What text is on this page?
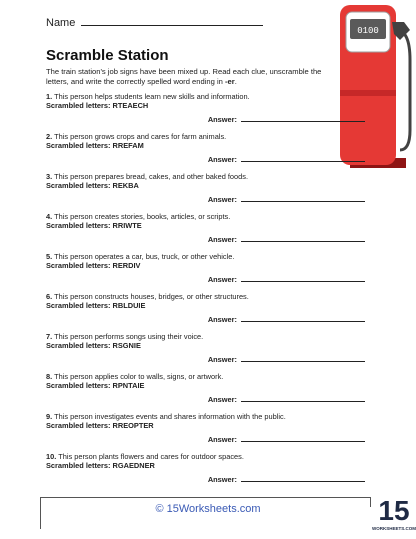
Name
Scramble Station
The train station's job signs have been mixed up. Read each clue, unscramble the letters, and write the correctly spelled word ending in -er.
0100
1. This person helps students learn new skills and information.
Scrambled letters: RTEAECH
Answer:
2. This person grows crops and cares for farm animals.
Scrambled letters: RREFAM
Answer:
3. This person prepares bread, cakes, and other baked foods.
Scrambled letters: REKBA
Answer:
4. This person creates stories, books, articles, or scripts.
Scrambled letters: RRIWTE
Answer:
5. This person operates a car, bus, truck, or other vehicle.
Scrambled letters: RERDIV
Answer:
6. This person constructs houses, bridges, or other structures.
Scrambled letters: RBLDUIE
Answer:
7. This person performs songs using their voice.
Scrambled letters: RSGNIE
Answer:
8. This person applies color to walls, signs, or artwork.
Scrambled letters: RPNTAIE
Answer:
9. This person investigates events and shares information with the public.
Scrambled letters: RREOPTER
Answer:
10. This person plants flowers and cares for outdoor spaces.
Scrambled letters: RGAEDNER
Answer:
© 15Worksheets.com	15
WORKSHEETS.COM
